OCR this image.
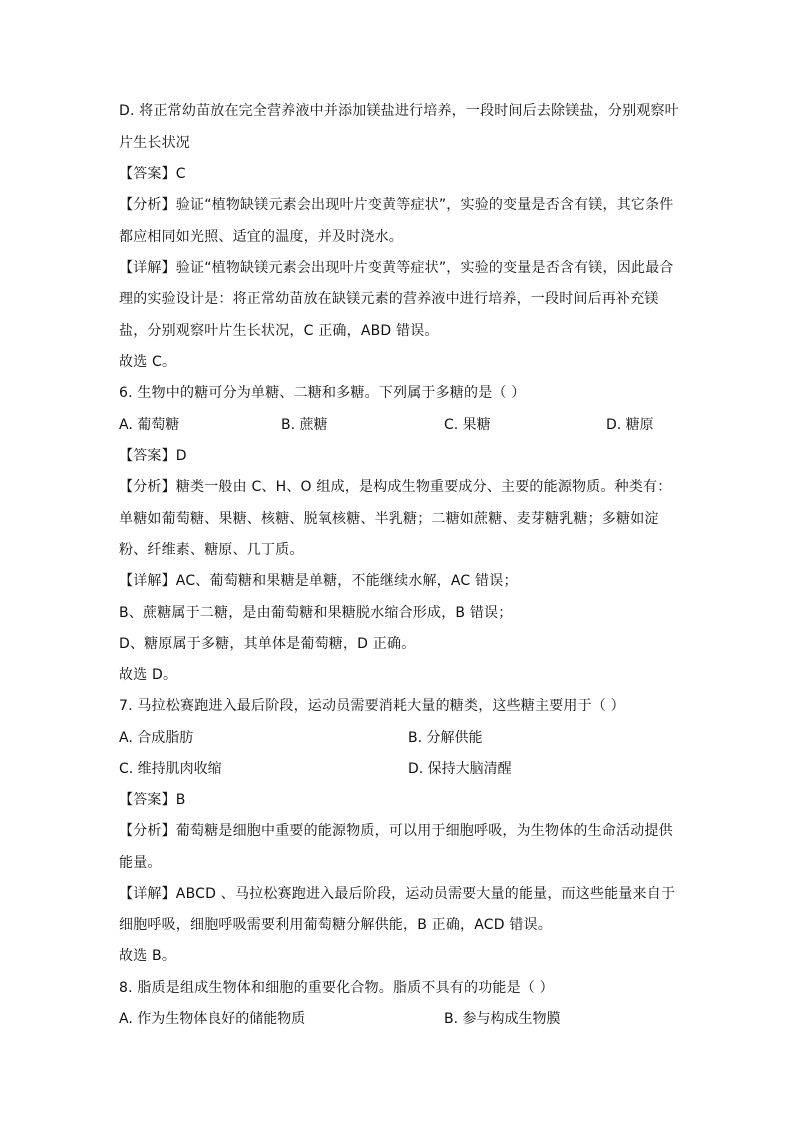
D. 将正常幼苗放在完全营养液中并添加镁盐进行培养，一段时间后去除镁盐，分别观察叶
片生长状况
【答案】C
【分析】验证“植物缺镁元素会出现叶片变黄等症状”，实验的变量是否含有镁，其它条件
都应相同如光照、适宜的温度，并及时浇水。
【详解】验证“植物缺镁元素会出现叶片变黄等症状”，实验的变量是否含有镁，因此最合
理的实验设计是：将正常幼苗放在缺镁元素的营养液中进行培养，一段时间后再补充镁
盐，分别观察叶片生长状况，C 正确，ABD 错误。
故选 C。
6. 生物中的糖可分为单糖、二糖和多糖。下列属于多糖的是（ ）
A. 葡萄糖	B. 蔗糖	C. 果糖	D. 糖原
【答案】D
【分析】糖类一般由 C、H、O 组成，是构成生物重要成分、主要的能源物质。种类有：
单糖如葡萄糖、果糖、核糖、脱氧核糖、半乳糖；二糖如蔗糖、麦芽糖乳糖；多糖如淀
粉、纤维素、糖原、几丁质。
【详解】AC、葡萄糖和果糖是单糖，不能继续水解，AC 错误；
B、蔗糖属于二糖，是由葡萄糖和果糖脱水缩合形成，B 错误；
D、糖原属于多糖，其单体是葡萄糖，D 正确。
故选 D。
7. 马拉松赛跑进入最后阶段，运动员需要消耗大量的糖类，这些糖主要用于（ ）
A. 合成脂肪	B. 分解供能
C. 维持肌肉收缩	D. 保持大脑清醒
【答案】B
【分析】葡萄糖是细胞中重要的能源物质，可以用于细胞呼吸，为生物体的生命活动提供
能量。
【详解】ABCD 、马拉松赛跑进入最后阶段，运动员需要大量的能量，而这些能量来自于
细胞呼吸，细胞呼吸需要利用葡萄糖分解供能，B 正确，ACD 错误。
故选 B。
8. 脂质是组成生物体和细胞的重要化合物。脂质不具有的功能是（ ）
A. 作为生物体良好的储能物质	B. 参与构成生物膜
